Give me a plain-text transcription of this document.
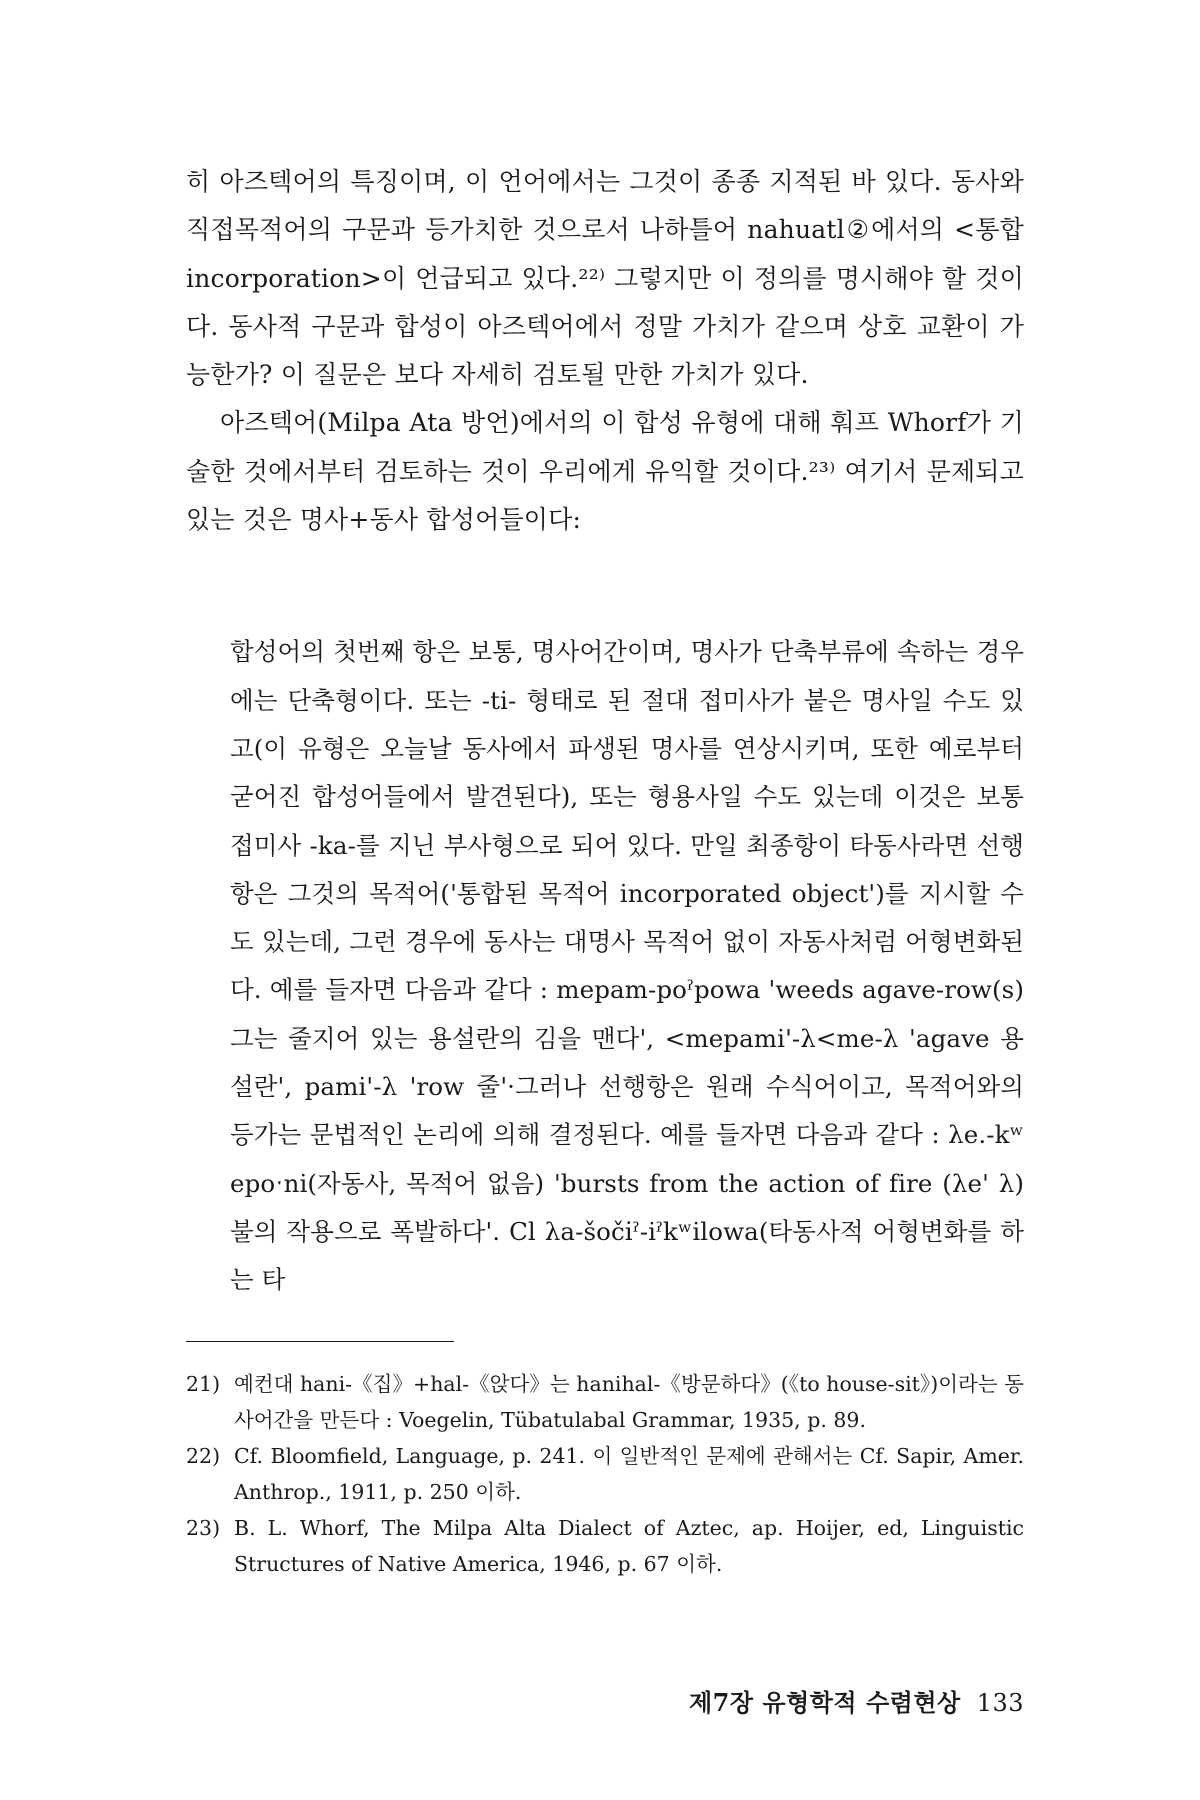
히 아즈텍어의 특징이며, 이 언어에서는 그것이 종종 지적된 바 있다. 동사와 직접목적어의 구문과 등가치한 것으로서 나하틀어 nahuatl②에서의 <통합 incorporation>이 언급되고 있다.²²⁾ 그렇지만 이 정의를 명시해야 할 것이다. 동사적 구문과 합성이 아즈텍어에서 정말 가치가 같으며 상호 교환이 가능한가? 이 질문은 보다 자세히 검토될 만한 가치가 있다.

아즈텍어(Milpa Ata 방언)에서의 이 합성 유형에 대해 훠프 Whorf가 기술한 것에서부터 검토하는 것이 우리에게 유익할 것이다.²³⁾ 여기서 문제되고 있는 것은 명사+동사 합성어들이다:

합성어의 첫번째 항은 보통, 명사어간이며, 명사가 단축부류에 속하는 경우에는 단축형이다. 또는 -ti- 형태로 된 절대 접미사가 붙은 명사일 수도 있고(이 유형은 오늘날 동사에서 파생된 명사를 연상시키며, 또한 예로부터 굳어진 합성어들에서 발견된다), 또는 형용사일 수도 있는데 이것은 보통 접미사 -ka-를 지닌 부사형으로 되어 있다. 만일 최종항이 타동사라면 선행항은 그것의 목적어('통합된 목적어 incorporated object')를 지시할 수도 있는데, 그런 경우에 동사는 대명사 목적어 없이 자동사처럼 어형변화된다. 예를 들자면 다음과 같다 : mepam-poˀpowa 'weeds agave-row(s)그는 줄지어 있는 용설란의 김을 맨다', <mepami'-λ<me-λ 'agave 용설란', pami'-λ 'row 줄'·그러나 선행항은 원래 수식어이고, 목적어와의 등가는 문법적인 논리에 의해 결정된다. 예를 들자면 다음과 같다 : λe.-kʷ epoˑni(자동사, 목적어 없음) 'bursts from the action of fire (λe' λ) 불의 작용으로 폭발하다'. Cl λa-šoči̇ˀ-iˀkʷilowa(타동사적 어형변화를 하는 타
21) 예컨대 hani-《집》+hal-《앉다》는 hanihal-《방문하다》(《to house-sit》)이라는 동사어간을 만든다 : Voegelin, Tübatulabal Grammar, 1935, p. 89.
22) Cf. Bloomfield, Language, p. 241. 이 일반적인 문제에 관해서는 Cf. Sapir, Amer. Anthrop., 1911, p. 250 이하.
23) B. L. Whorf, The Milpa Alta Dialect of Aztec, ap. Hoijer, ed, Linguistic Structures of Native America, 1946, p. 67 이하.
제7장 유형학적 수렴현상 133
